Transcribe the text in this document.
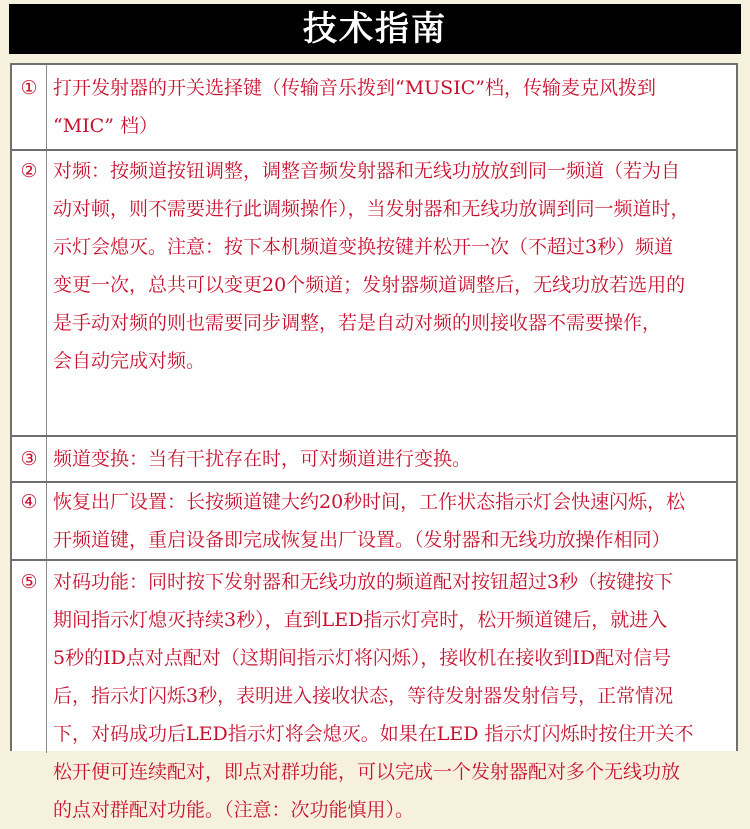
技术指南
① 打开发射器的开关选择键（传输音乐拨到“MUSIC”档，传输麦克风拨到
“MIC” 档）
② 对频：按频道按钮调整，调整音频发射器和无线功放放到同一频道（若为自
动对顿，则不需要进行此调频操作），当发射器和无线功放调到同一频道时，
示灯会熄灭。注意：按下本机频道变换按键并松开一次（不超过3秒）频道
变更一次，总共可以变更20个频道；发射器频道调整后，无线功放若选用的
是手动对频的则也需要同步调整，若是自动对频的则接收器不需要操作，
会自动完成对频。
③ 频道变换：当有干扰存在时，可对频道进行变换。
④ 恢复出厂设置：长按频道键大约20秒时间，工作状态指示灯会快速闪烁，松
开频道键，重启设备即完成恢复出厂设置。（发射器和无线功放操作相同）
⑤ 对码功能：同时按下发射器和无线功放的频道配对按钮超过3秒（按键按下
期间指示灯熄灭持续3秒），直到LED指示灯亮时，松开频道键后，就进入
5秒的ID点对点配对（这期间指示灯将闪烁），接收机在接收到ID配对信号
后，指示灯闪烁3秒，表明进入接收状态，等待发射器发射信号，正常情况
下，对码成功后LED指示灯将会熄灭。如果在LED 指示灯闪烁时按住开关不
松开便可连续配对，即点对群功能，可以完成一个发射器配对多个无线功放
的点对群配对功能。（注意：次功能慎用）。
